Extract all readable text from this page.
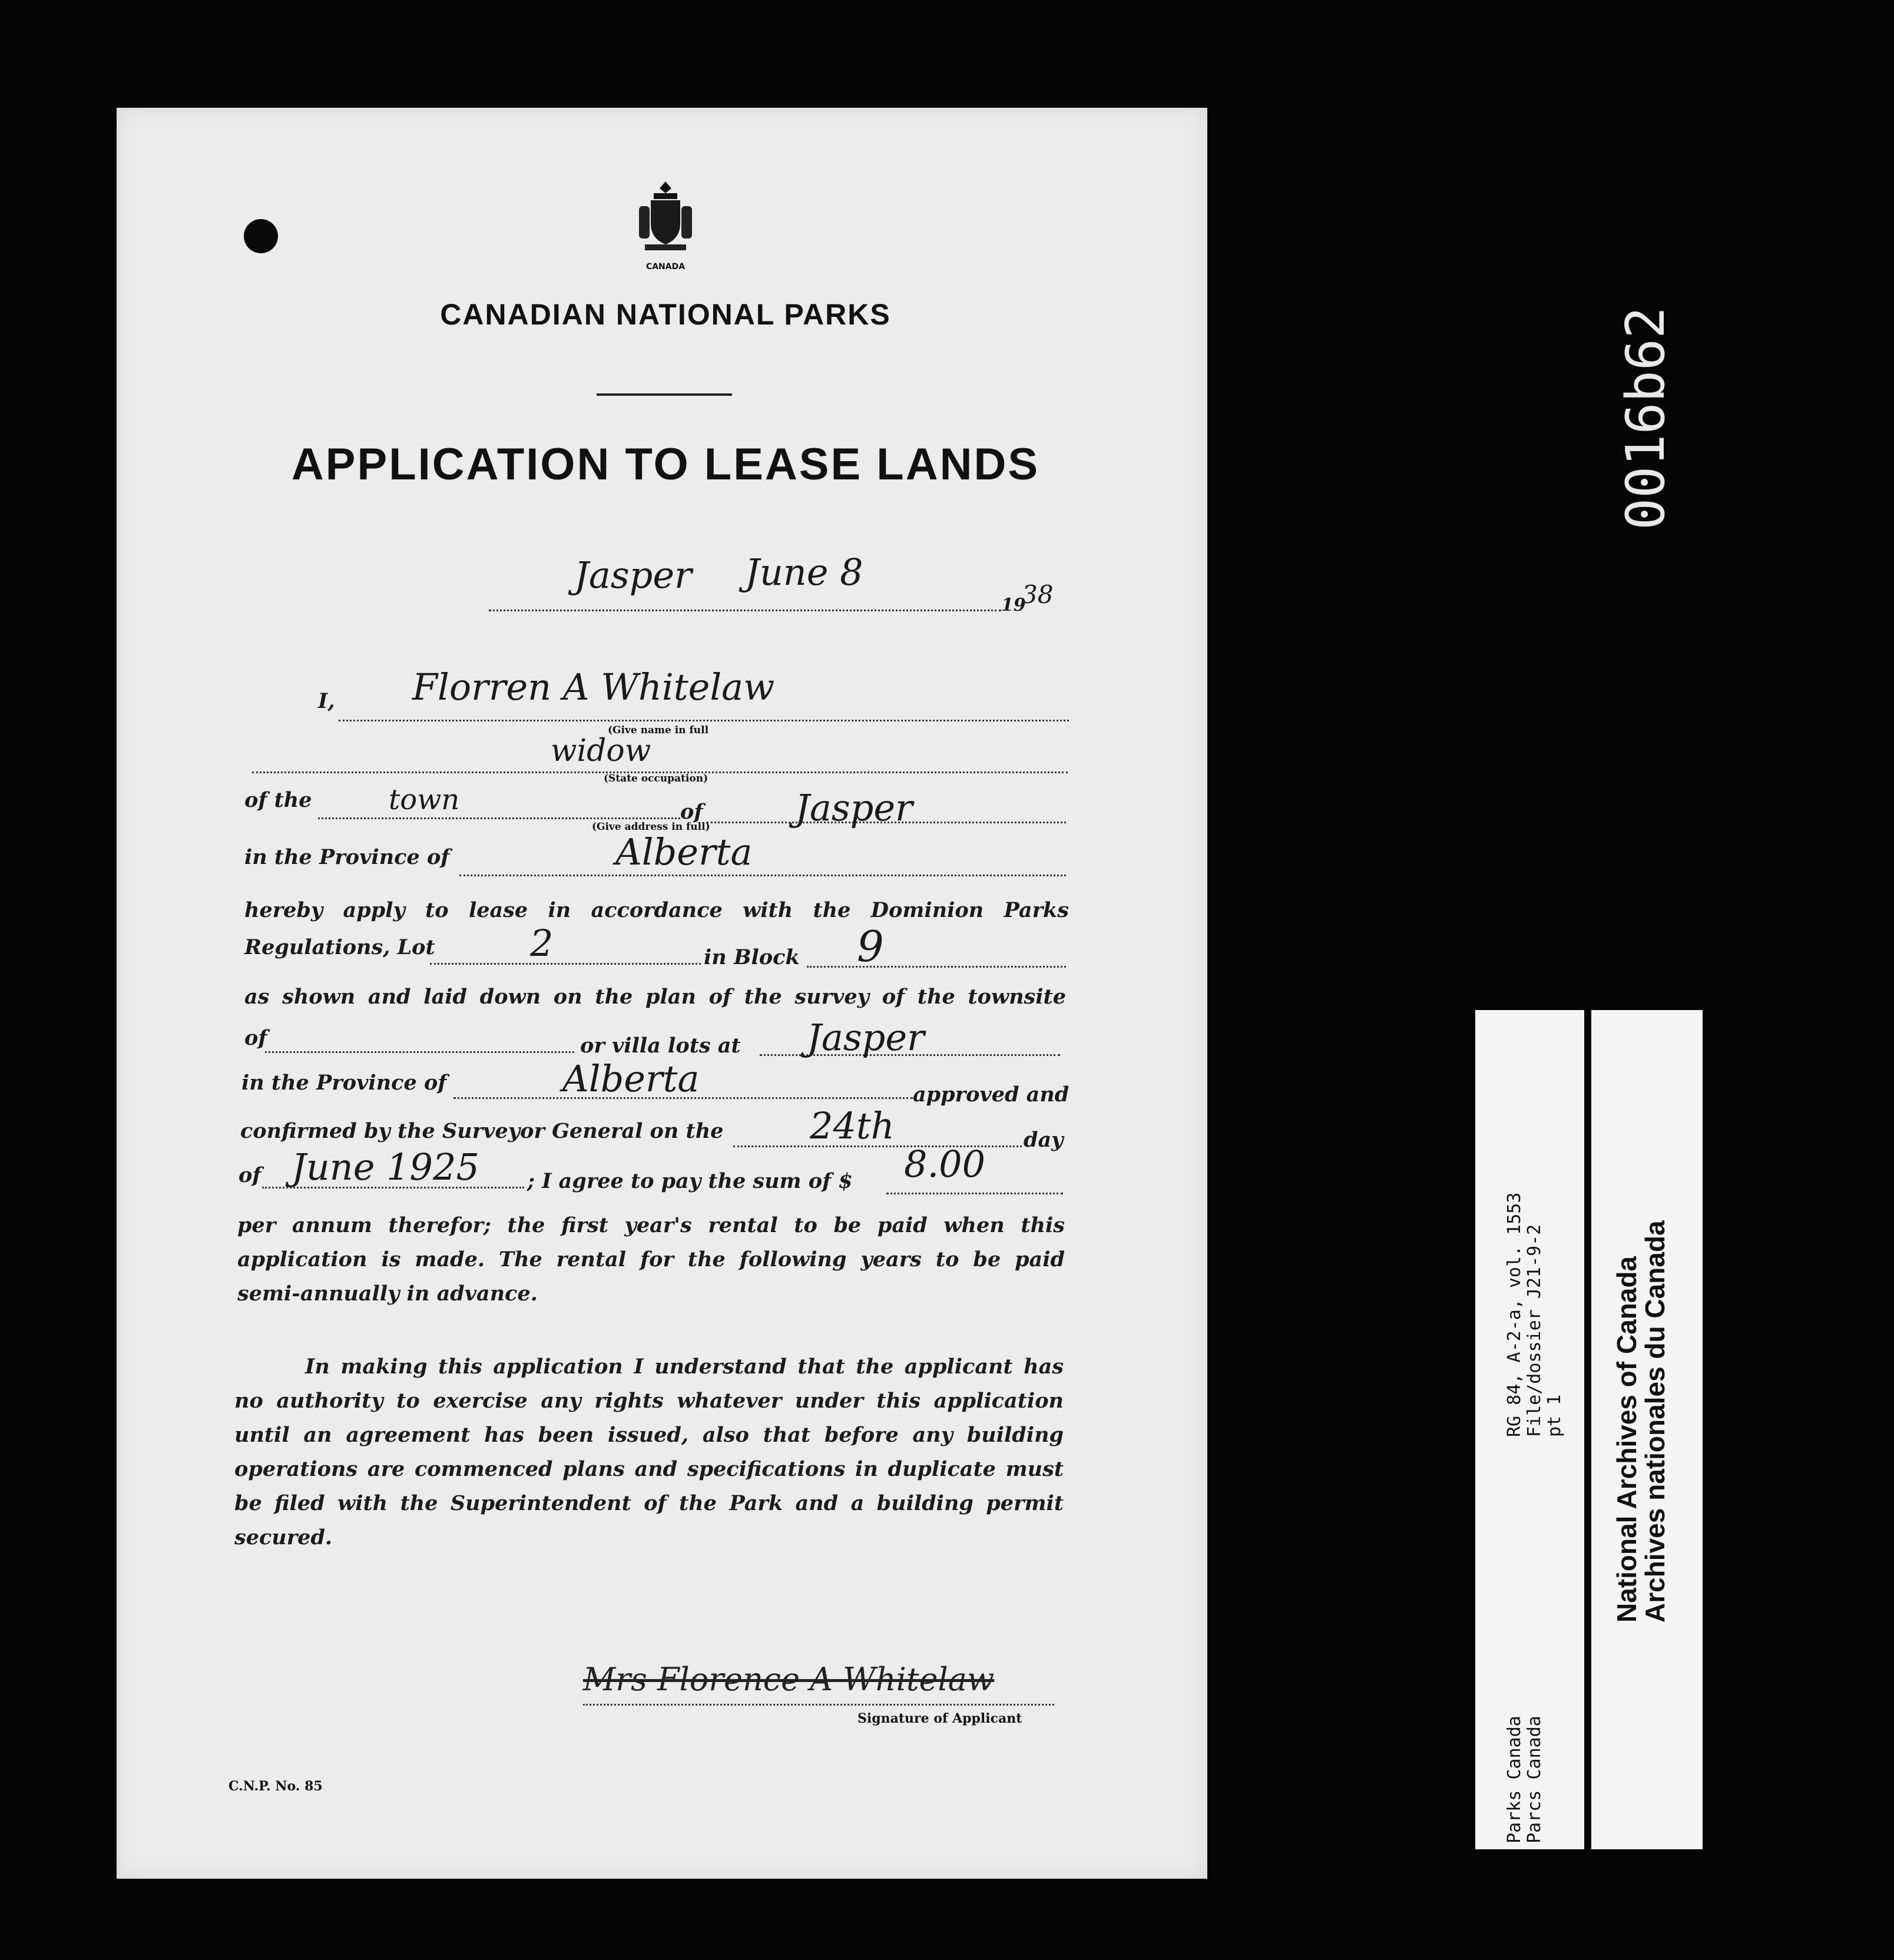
CANADA
CANADIAN NATIONAL PARKS
APPLICATION TO LEASE LANDS
Jasper June 8
19
38
I, Florren A Whitelaw
(Give name in full
widow
(State occupation)
of the	town	of	Jasper
(Give address in full)
in the Province of	Alberta
hereby apply to lease in accordance with the Dominion Parks
Regulations, Lot	2	in Block 9
as shown and laid down on the plan of the survey of the townsite
of	or villa lots at Jasper
in the Province of	Alberta	approved and
confirmed by the Surveyor General on the 24th	day
of June 1925 ; I agree to pay the sum of $ 8.00
per annum therefor; the first year's rental to be paid when this
application is made. The rental for the following years to be paid
semi-annually in advance.
In making this application I understand that the applicant has
no authority to exercise any rights whatever under this application
until an agreement has been issued, also that before any building
operations are commenced plans and specifications in duplicate must
be filed with the Superintendent of the Park and a building permit
secured.
Mrs Florence A Whitelaw
Signature of Applicant
C.N.P. No. 85
0016b62
RG 84, A-2-a, vol. 1553 File/dossier J21-9-2 pt 1
Parks Canada Parcs Canada
National Archives of Canada
Archives nationales du Canada
